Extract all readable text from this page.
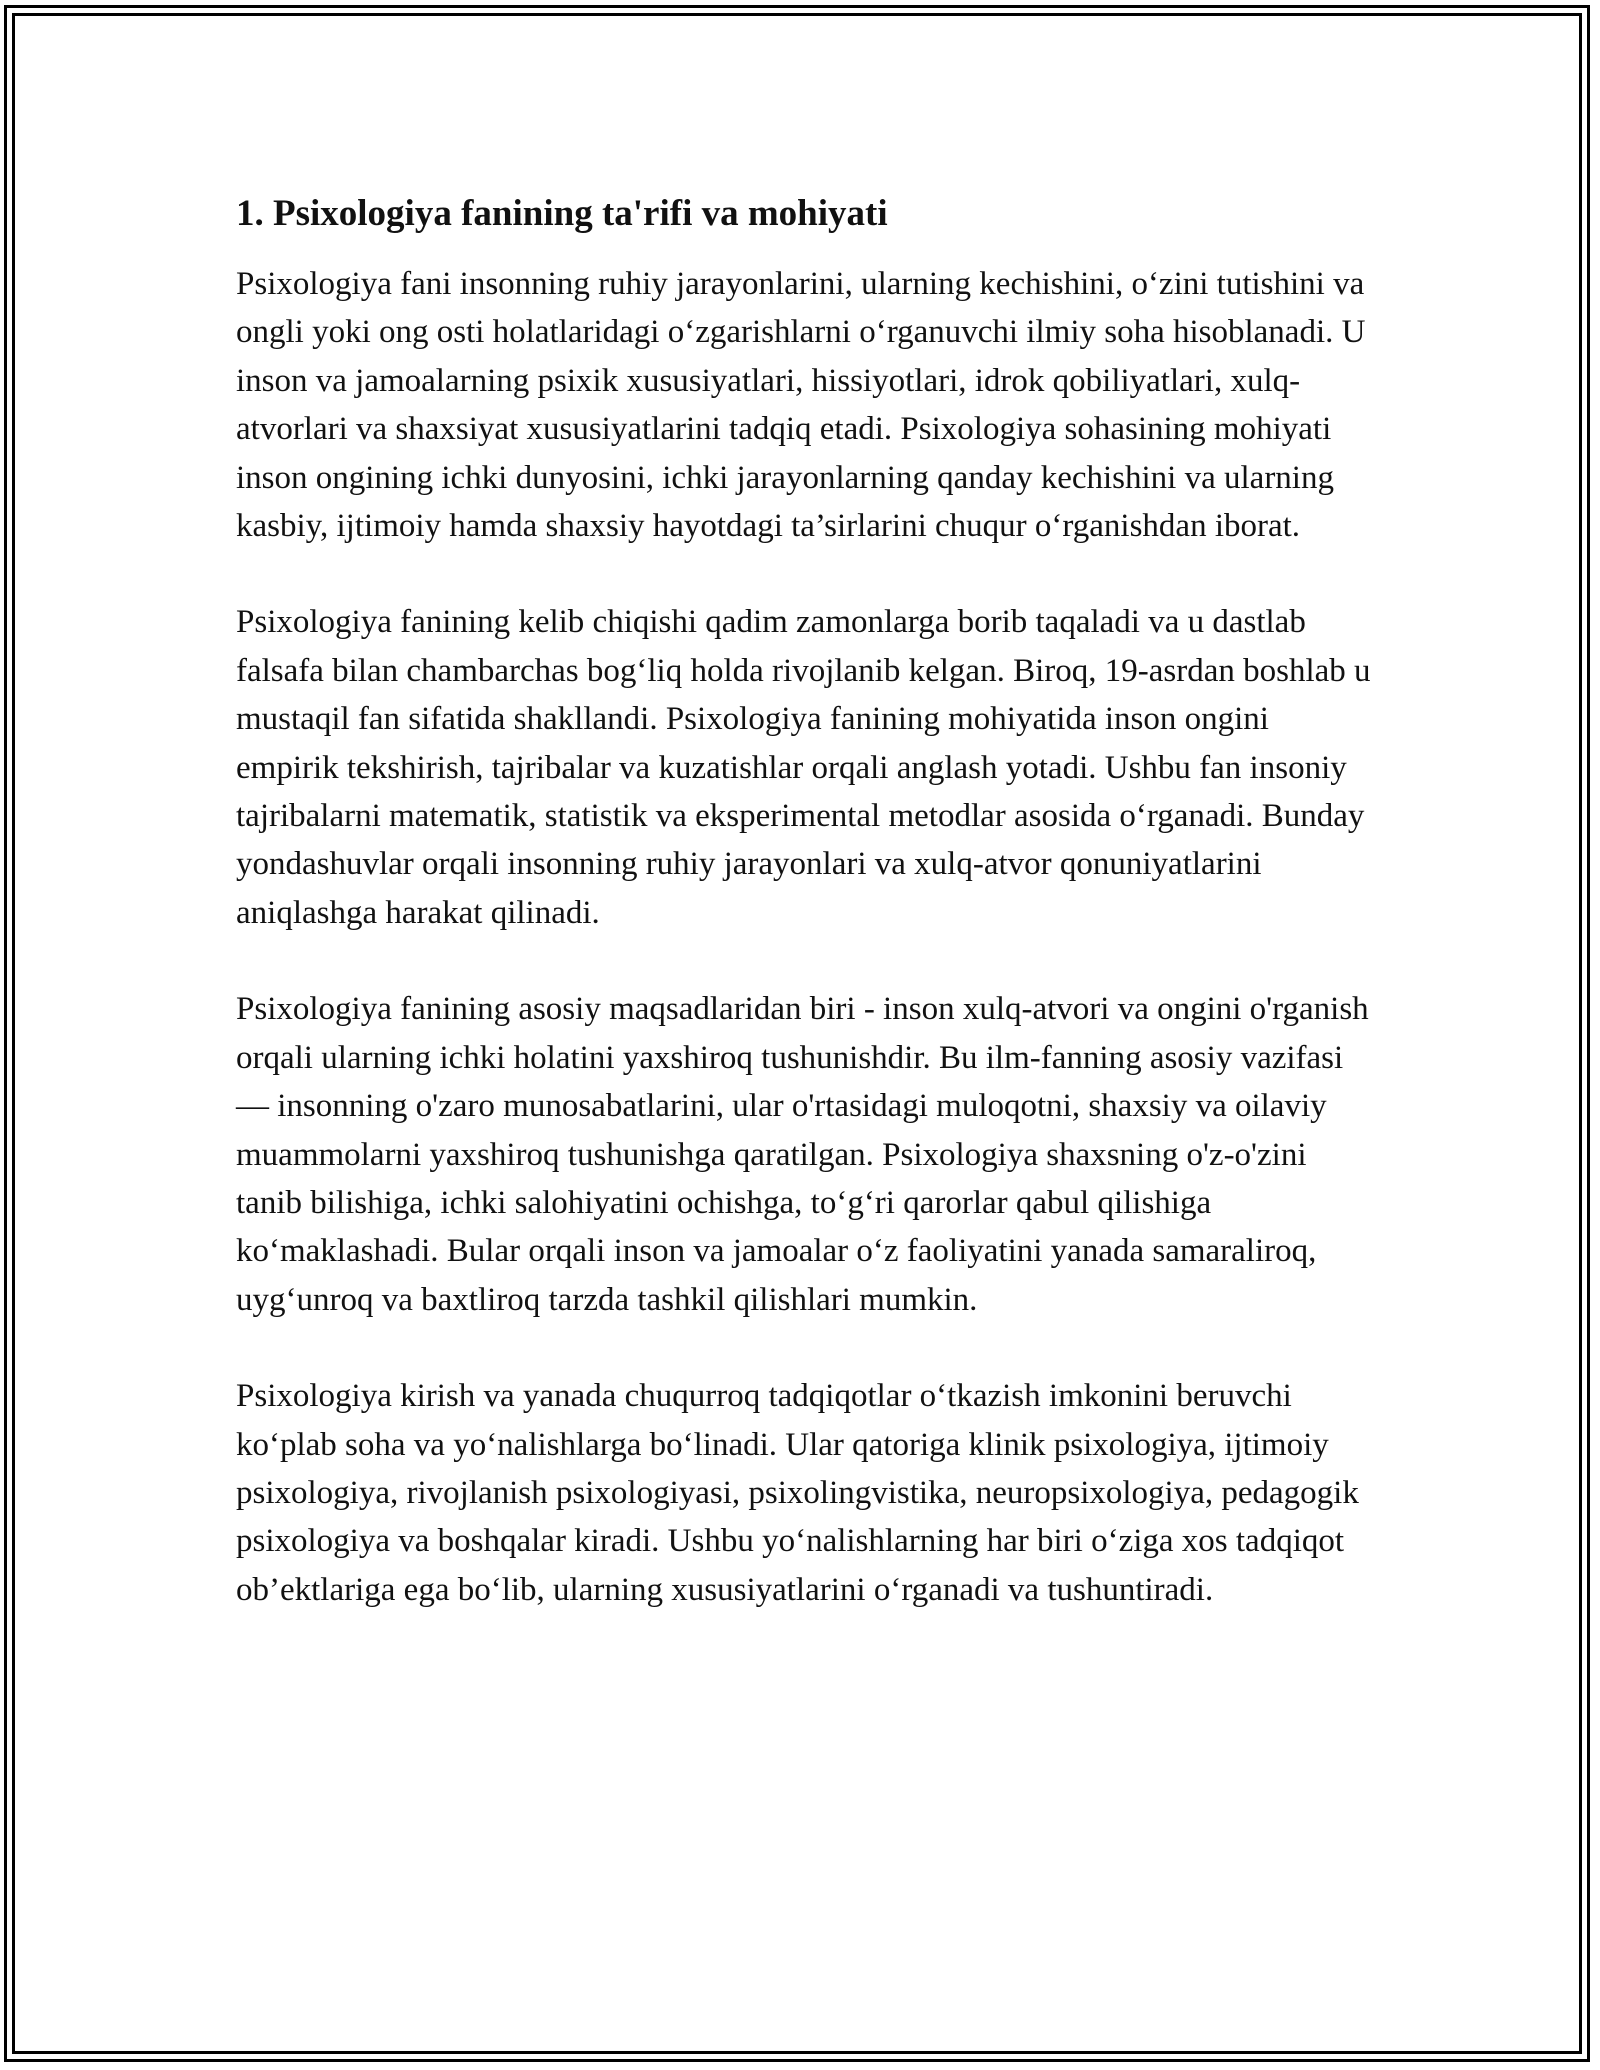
1. Psixologiya fanining ta'rifi va mohiyati

Psixologiya fani insonning ruhiy jarayonlarini, ularning kechishini, o‘zini tutishini va ongli yoki ong osti holatlaridagi o‘zgarishlarni o‘rganuvchi ilmiy soha hisoblanadi. U inson va jamoalarning psixik xususiyatlari, hissiyotlari, idrok qobiliyatlari, xulq-atvorlari va shaxsiyat xususiyatlarini tadqiq etadi. Psixologiya sohasining mohiyati inson ongining ichki dunyosini, ichki jarayonlarning qanday kechishini va ularning kasbiy, ijtimoiy hamda shaxsiy hayotdagi ta’sirlarini chuqur o‘rganishdan iborat.

Psixologiya fanining kelib chiqishi qadim zamonlarga borib taqaladi va u dastlab falsafa bilan chambarchas bog‘liq holda rivojlanib kelgan. Biroq, 19-asrdan boshlab u mustaqil fan sifatida shakllandi. Psixologiya fanining mohiyatida inson ongini empirik tekshirish, tajribalar va kuzatishlar orqali anglash yotadi. Ushbu fan insoniy tajribalarni matematik, statistik va eksperimental metodlar asosida o‘rganadi. Bunday yondashuvlar orqali insonning ruhiy jarayonlari va xulq-atvor qonuniyatlarini aniqlashga harakat qilinadi.

Psixologiya fanining asosiy maqsadlaridan biri - inson xulq-atvori va ongini o'rganish orqali ularning ichki holatini yaxshiroq tushunishdir. Bu ilm-fanning asosiy vazifasi — insonning o'zaro munosabatlarini, ular o'rtasidagi muloqotni, shaxsiy va oilaviy muammolarni yaxshiroq tushunishga qaratilgan. Psixologiya shaxsning o'z-o'zini tanib bilishiga, ichki salohiyatini ochishga, to‘g‘ri qarorlar qabul qilishiga ko‘maklashadi. Bular orqali inson va jamoalar o‘z faoliyatini yanada samaraliroq, uyg‘unroq va baxtliroq tarzda tashkil qilishlari mumkin.

Psixologiya kirish va yanada chuqurroq tadqiqotlar o‘tkazish imkonini beruvchi ko‘plab soha va yo‘nalishlarga bo‘linadi. Ular qatoriga klinik psixologiya, ijtimoiy psixologiya, rivojlanish psixologiyasi, psixolingvistika, neuropsixologiya, pedagogik psixologiya va boshqalar kiradi. Ushbu yo‘nalishlarning har biri o‘ziga xos tadqiqot ob’ektlariga ega bo‘lib, ularning xususiyatlarini o‘rganadi va tushuntiradi.
